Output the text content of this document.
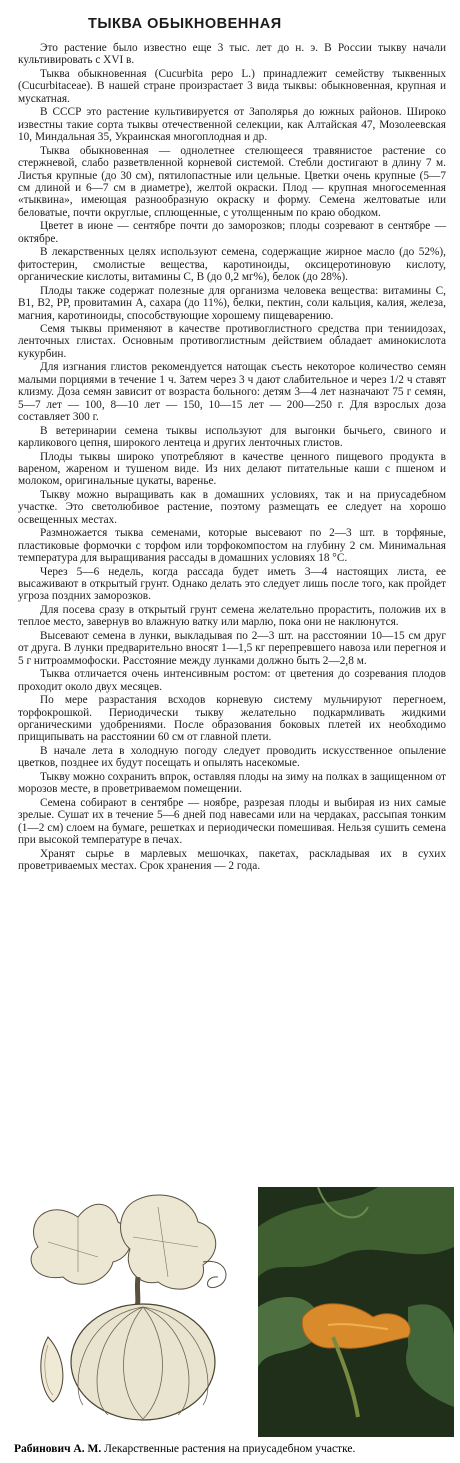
ТЫКВА ОБЫКНОВЕННАЯ

Это растение было известно еще 3 тыс. лет до н. э. В России тыкву начали культивировать с XVI в.

Тыква обыкновенная (Cucurbita pepo L.) принадлежит семейству тыквенных (Cucurbitaceae). В нашей стране произрастает 3 вида тыквы: обыкновенная, крупная и мускатная.

В СССР это растение культивируется от Заполярья до южных районов. Широко известны такие сорта тыквы отечественной селекции, как Алтайская 47, Мозолеевская 10, Миндальная 35, Украинская многоплодная и др.

Тыква обыкновенная — однолетнее стелющееся травянистое растение со стержневой, слабо разветвленной корневой системой. Стебли достигают в длину 7 м. Листья крупные (до 30 см), пятилопастные или цельные. Цветки очень крупные (5—7 см длиной и 6—7 см в диаметре), желтой окраски. Плод — крупная многосеменная «тыквина», имеющая разнообразную окраску и форму. Семена желтоватые или беловатые, почти округлые, сплющенные, с утолщенным по краю ободком.

Цветет в июне — сентябре почти до заморозков; плоды созревают в сентябре — октябре.

В лекарственных целях используют семена, содержащие жирное масло (до 52%), фитостерин, смолистые вещества, каротиноиды, оксицеротиновую кислоту, органические кислоты, витамины С, В (до 0,2 мг%), белок (до 28%).

Плоды также содержат полезные для организма человека вещества: витамины С, В1, В2, РР, провитамин А, сахара (до 11%), белки, пектин, соли кальция, калия, железа, магния, каротиноиды, способствующие хорошему пищеварению.

Семя тыквы применяют в качестве противоглистного средства при тениидозах, ленточных глистах. Основным противоглистным действием обладает аминокислота кукурбин.

Для изгнания глистов рекомендуется натощак съесть некоторое количество семян малыми порциями в течение 1 ч. Затем через 3 ч дают слабительное и через 1/2 ч ставят клизму. Доза семян зависит от возраста больного: детям 3—4 лет назначают 75 г семян, 5—7 лет — 100, 8—10 лет — 150, 10—15 лет — 200—250 г. Для взрослых доза составляет 300 г.

В ветеринарии семена тыквы используют для выгонки бычьего, свиного и карликового цепня, широкого лентеца и других ленточных глистов.

Плоды тыквы широко употребляют в качестве ценного пищевого продукта в вареном, жареном и тушеном виде. Из них делают питательные каши с пшеном и молоком, оригинальные цукаты, варенье.

Тыкву можно выращивать как в домашних условиях, так и на приусадебном участке. Это светолюбивое растение, поэтому размещать ее следует на хорошо освещенных местах.

Размножается тыква семенами, которые высевают по 2—3 шт. в торфяные, пластиковые формочки с торфом или торфокомпостом на глубину 2 см. Минимальная температура для выращивания рассады в домашних условиях 18 °С.

Через 5—6 недель, когда рассада будет иметь 3—4 настоящих листа, ее высаживают в открытый грунт. Однако делать это следует лишь после того, как пройдет угроза поздних заморозков.

Для посева сразу в открытый грунт семена желательно прорастить, положив их в теплое место, завернув во влажную ватку или марлю, пока они не наклюнутся.

Высевают семена в лунки, выкладывая по 2—3 шт. на расстоянии 10—15 см друг от друга. В лунки предварительно вносят 1—1,5 кг перепревшего навоза или перегноя и 5 г нитроаммофоски. Расстояние между лунками должно быть 2—2,8 м.

Тыква отличается очень интенсивным ростом: от цветения до созревания плодов проходит около двух месяцев.

По мере разрастания всходов корневую систему мульчируют перегноем, торфокрошкой. Периодически тыкву желательно подкармливать жидкими органическими удобрениями. После образования боковых плетей их необходимо прищипывать на расстоянии 60 см от главной плети.

В начале лета в холодную погоду следует проводить искусственное опыление цветков, позднее их будут посещать и опылять насекомые.

Тыкву можно сохранить впрок, оставляя плоды на зиму на полках в защищенном от морозов месте, в проветриваемом помещении.

Семена собирают в сентябре — ноябре, разрезая плоды и выбирая из них самые зрелые. Сушат их в течение 5—6 дней под навесами или на чердаках, рассыпая тонким (1—2 см) слоем на бумаге, решетках и периодически помешивая. Нельзя сушить семена при высокой температуре в печах.

Хранят сырье в марлевых мешочках, пакетах, раскладывая их в сухих проветриваемых местах. Срок хранения — 2 года.

Рабинович А. М. Лекарственные растения на приусадебном участке.
